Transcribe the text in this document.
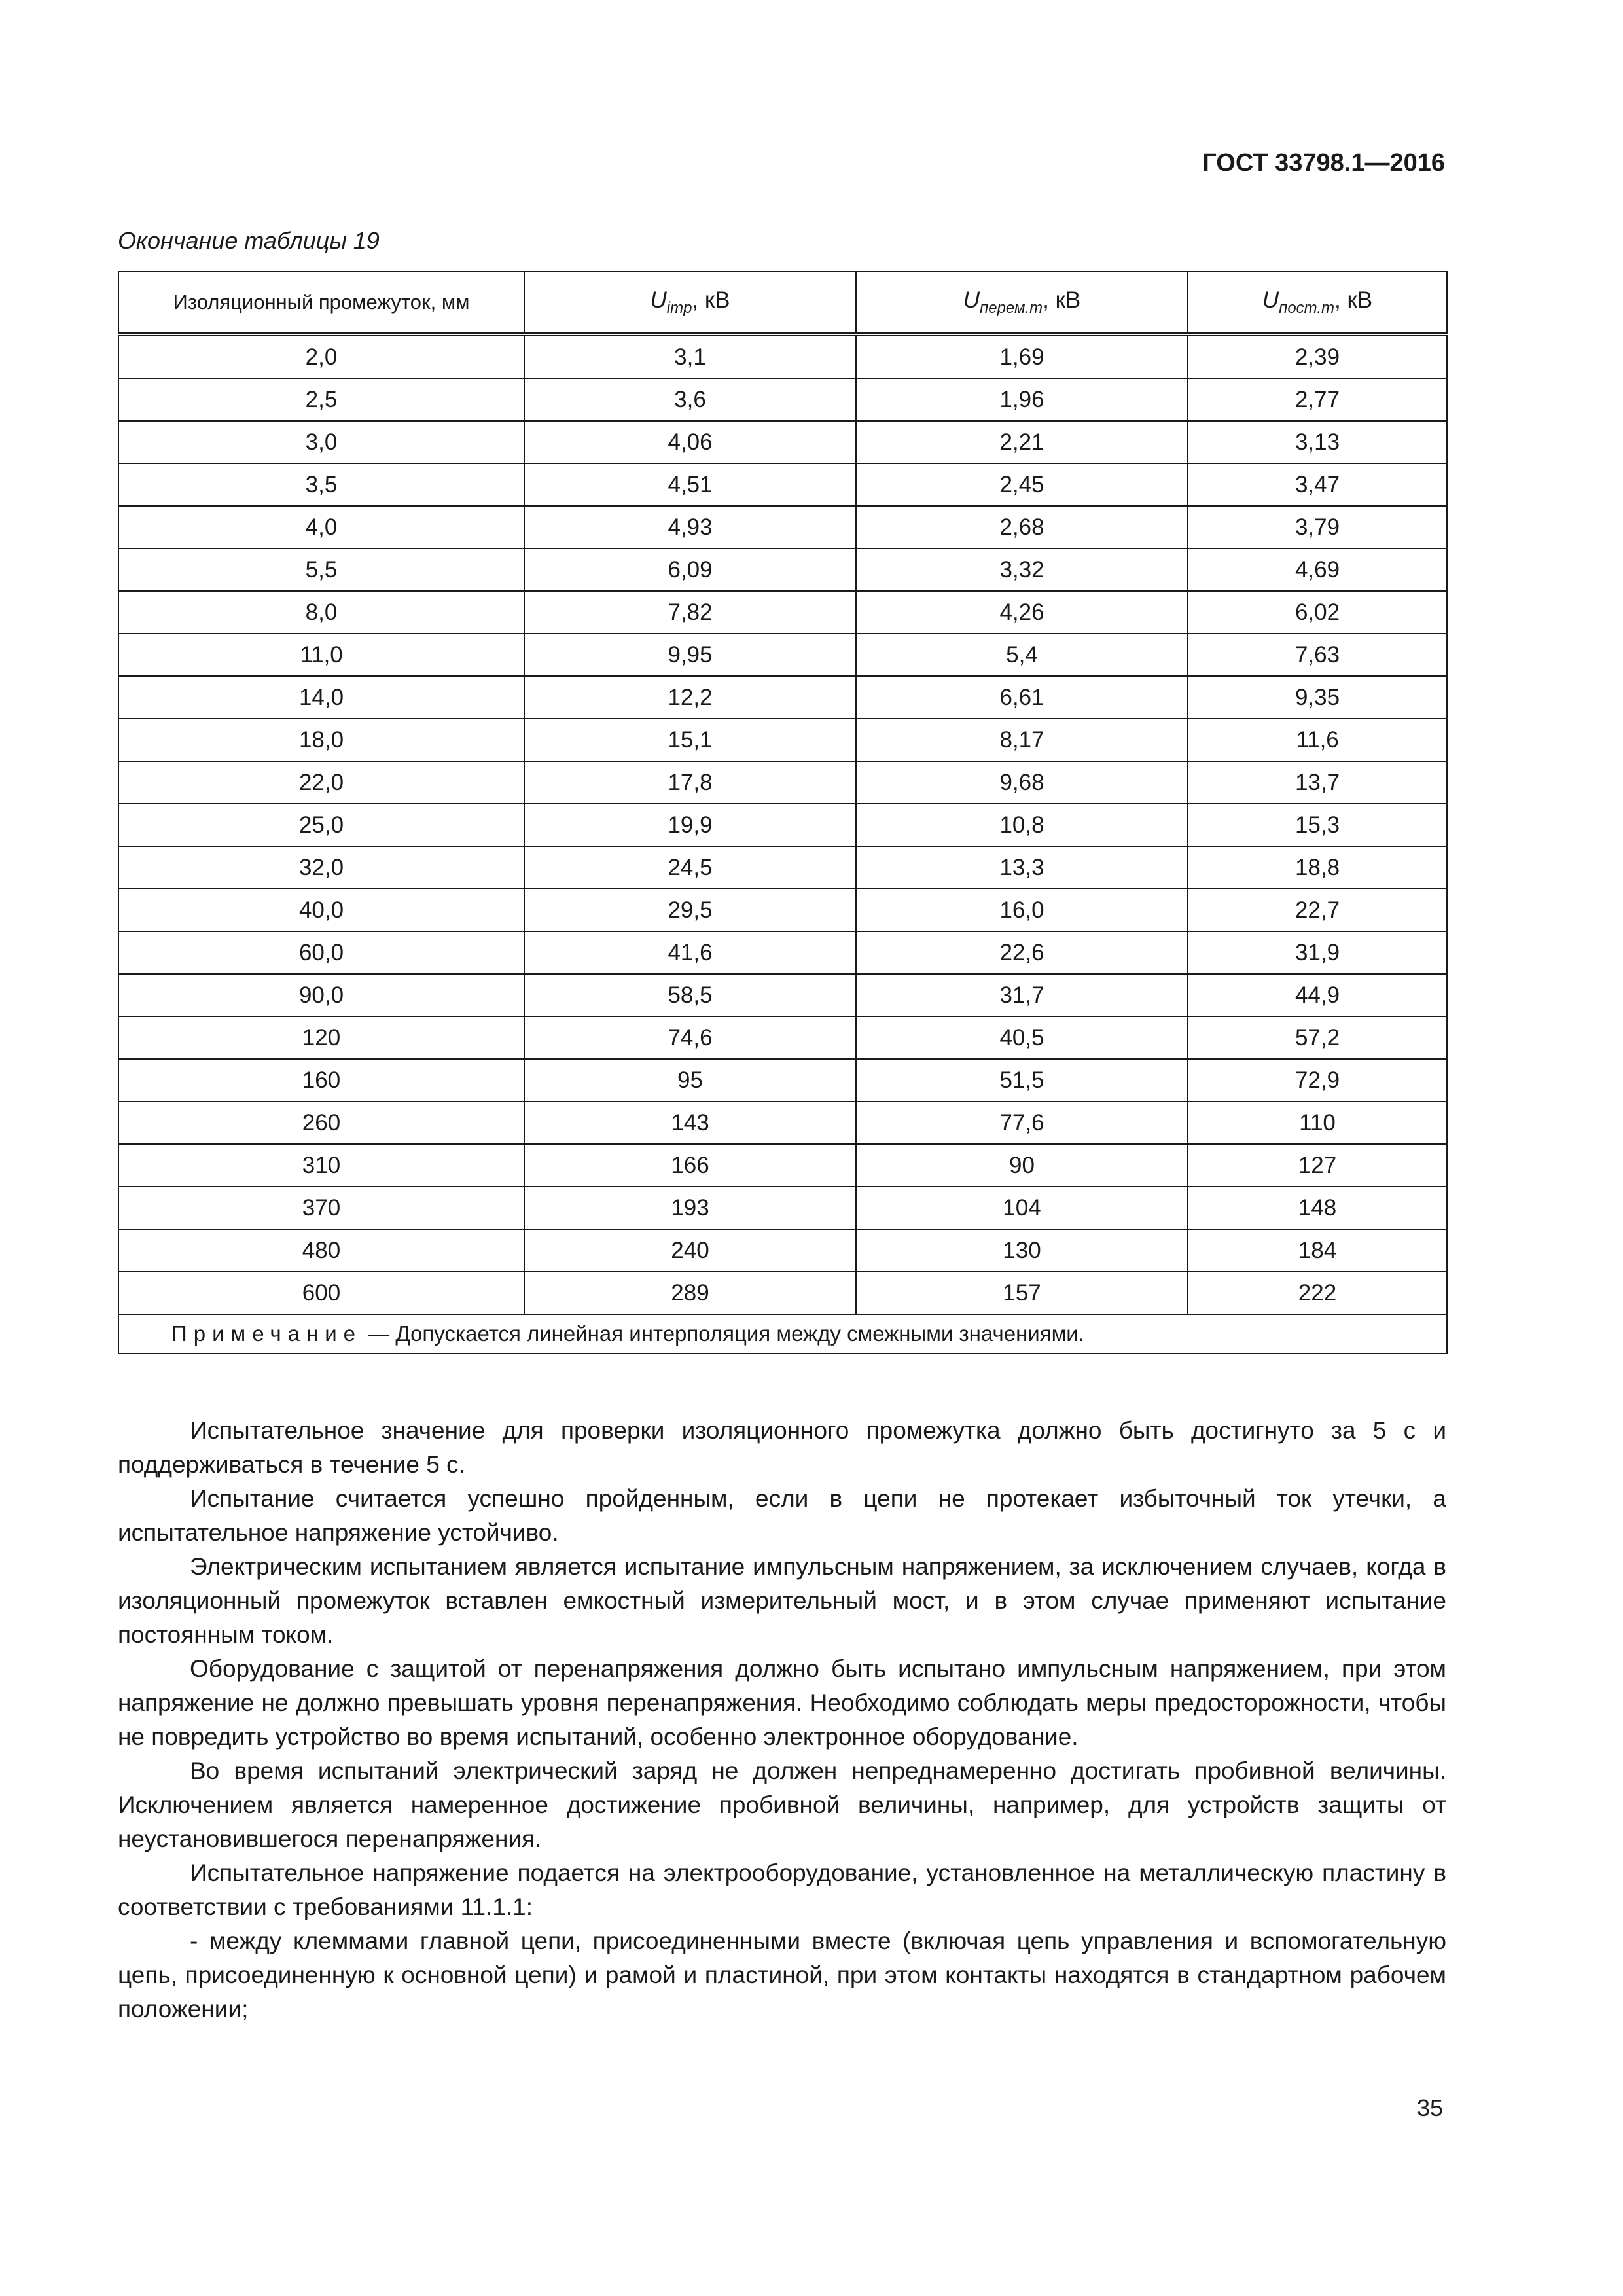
ГОСТ 33798.1—2016
Окончание таблицы 19
Изоляционный промежуток, мм	$U_{imp}$, кВ	$U_{перем.m}$, кВ	$U_{пост.m}$, кВ
2,0	3,1	1,69	2,39
2,5	3,6	1,96	2,77
3,0	4,06	2,21	3,13
3,5	4,51	2,45	3,47
4,0	4,93	2,68	3,79
5,5	6,09	3,32	4,69
8,0	7,82	4,26	6,02
11,0	9,95	5,4	7,63
14,0	12,2	6,61	9,35
18,0	15,1	8,17	11,6
22,0	17,8	9,68	13,7
25,0	19,9	10,8	15,3
32,0	24,5	13,3	18,8
40,0	29,5	16,0	22,7
60,0	41,6	22,6	31,9
90,0	58,5	31,7	44,9
120	74,6	40,5	57,2
160	95	51,5	72,9
260	143	77,6	110
310	166	90	127
370	193	104	148
480	240	130	184
600	289	157	222
Примечание — Допускается линейная интерполяция между смежными значениями.			

Испытательное значение для проверки изоляционного промежутка должно быть достигнуто за 5 с и поддерживаться в течение 5 с.

Испытание считается успешно пройденным, если в цепи не протекает избыточный ток утечки, а испытательное напряжение устойчиво.

Электрическим испытанием является испытание импульсным напряжением, за исключением случаев, когда в изоляционный промежуток вставлен емкостный измерительный мост, и в этом случае применяют испытание постоянным током.

Оборудование с защитой от перенапряжения должно быть испытано импульсным напряжением, при этом напряжение не должно превышать уровня перенапряжения. Необходимо соблюдать меры предосторожности, чтобы не повредить устройство во время испытаний, особенно электронное оборудование.

Во время испытаний электрический заряд не должен непреднамеренно достигать пробивной величины. Исключением является намеренное достижение пробивной величины, например, для устройств защиты от неустановившегося перенапряжения.

Испытательное напряжение подается на электрооборудование, установленное на металлическую пластину в соответствии с требованиями 11.1.1:

- между клеммами главной цепи, присоединенными вместе (включая цепь управления и вспомогательную цепь, присоединенную к основной цепи) и рамой и пластиной, при этом контакты находятся в стандартном рабочем положении;

35
